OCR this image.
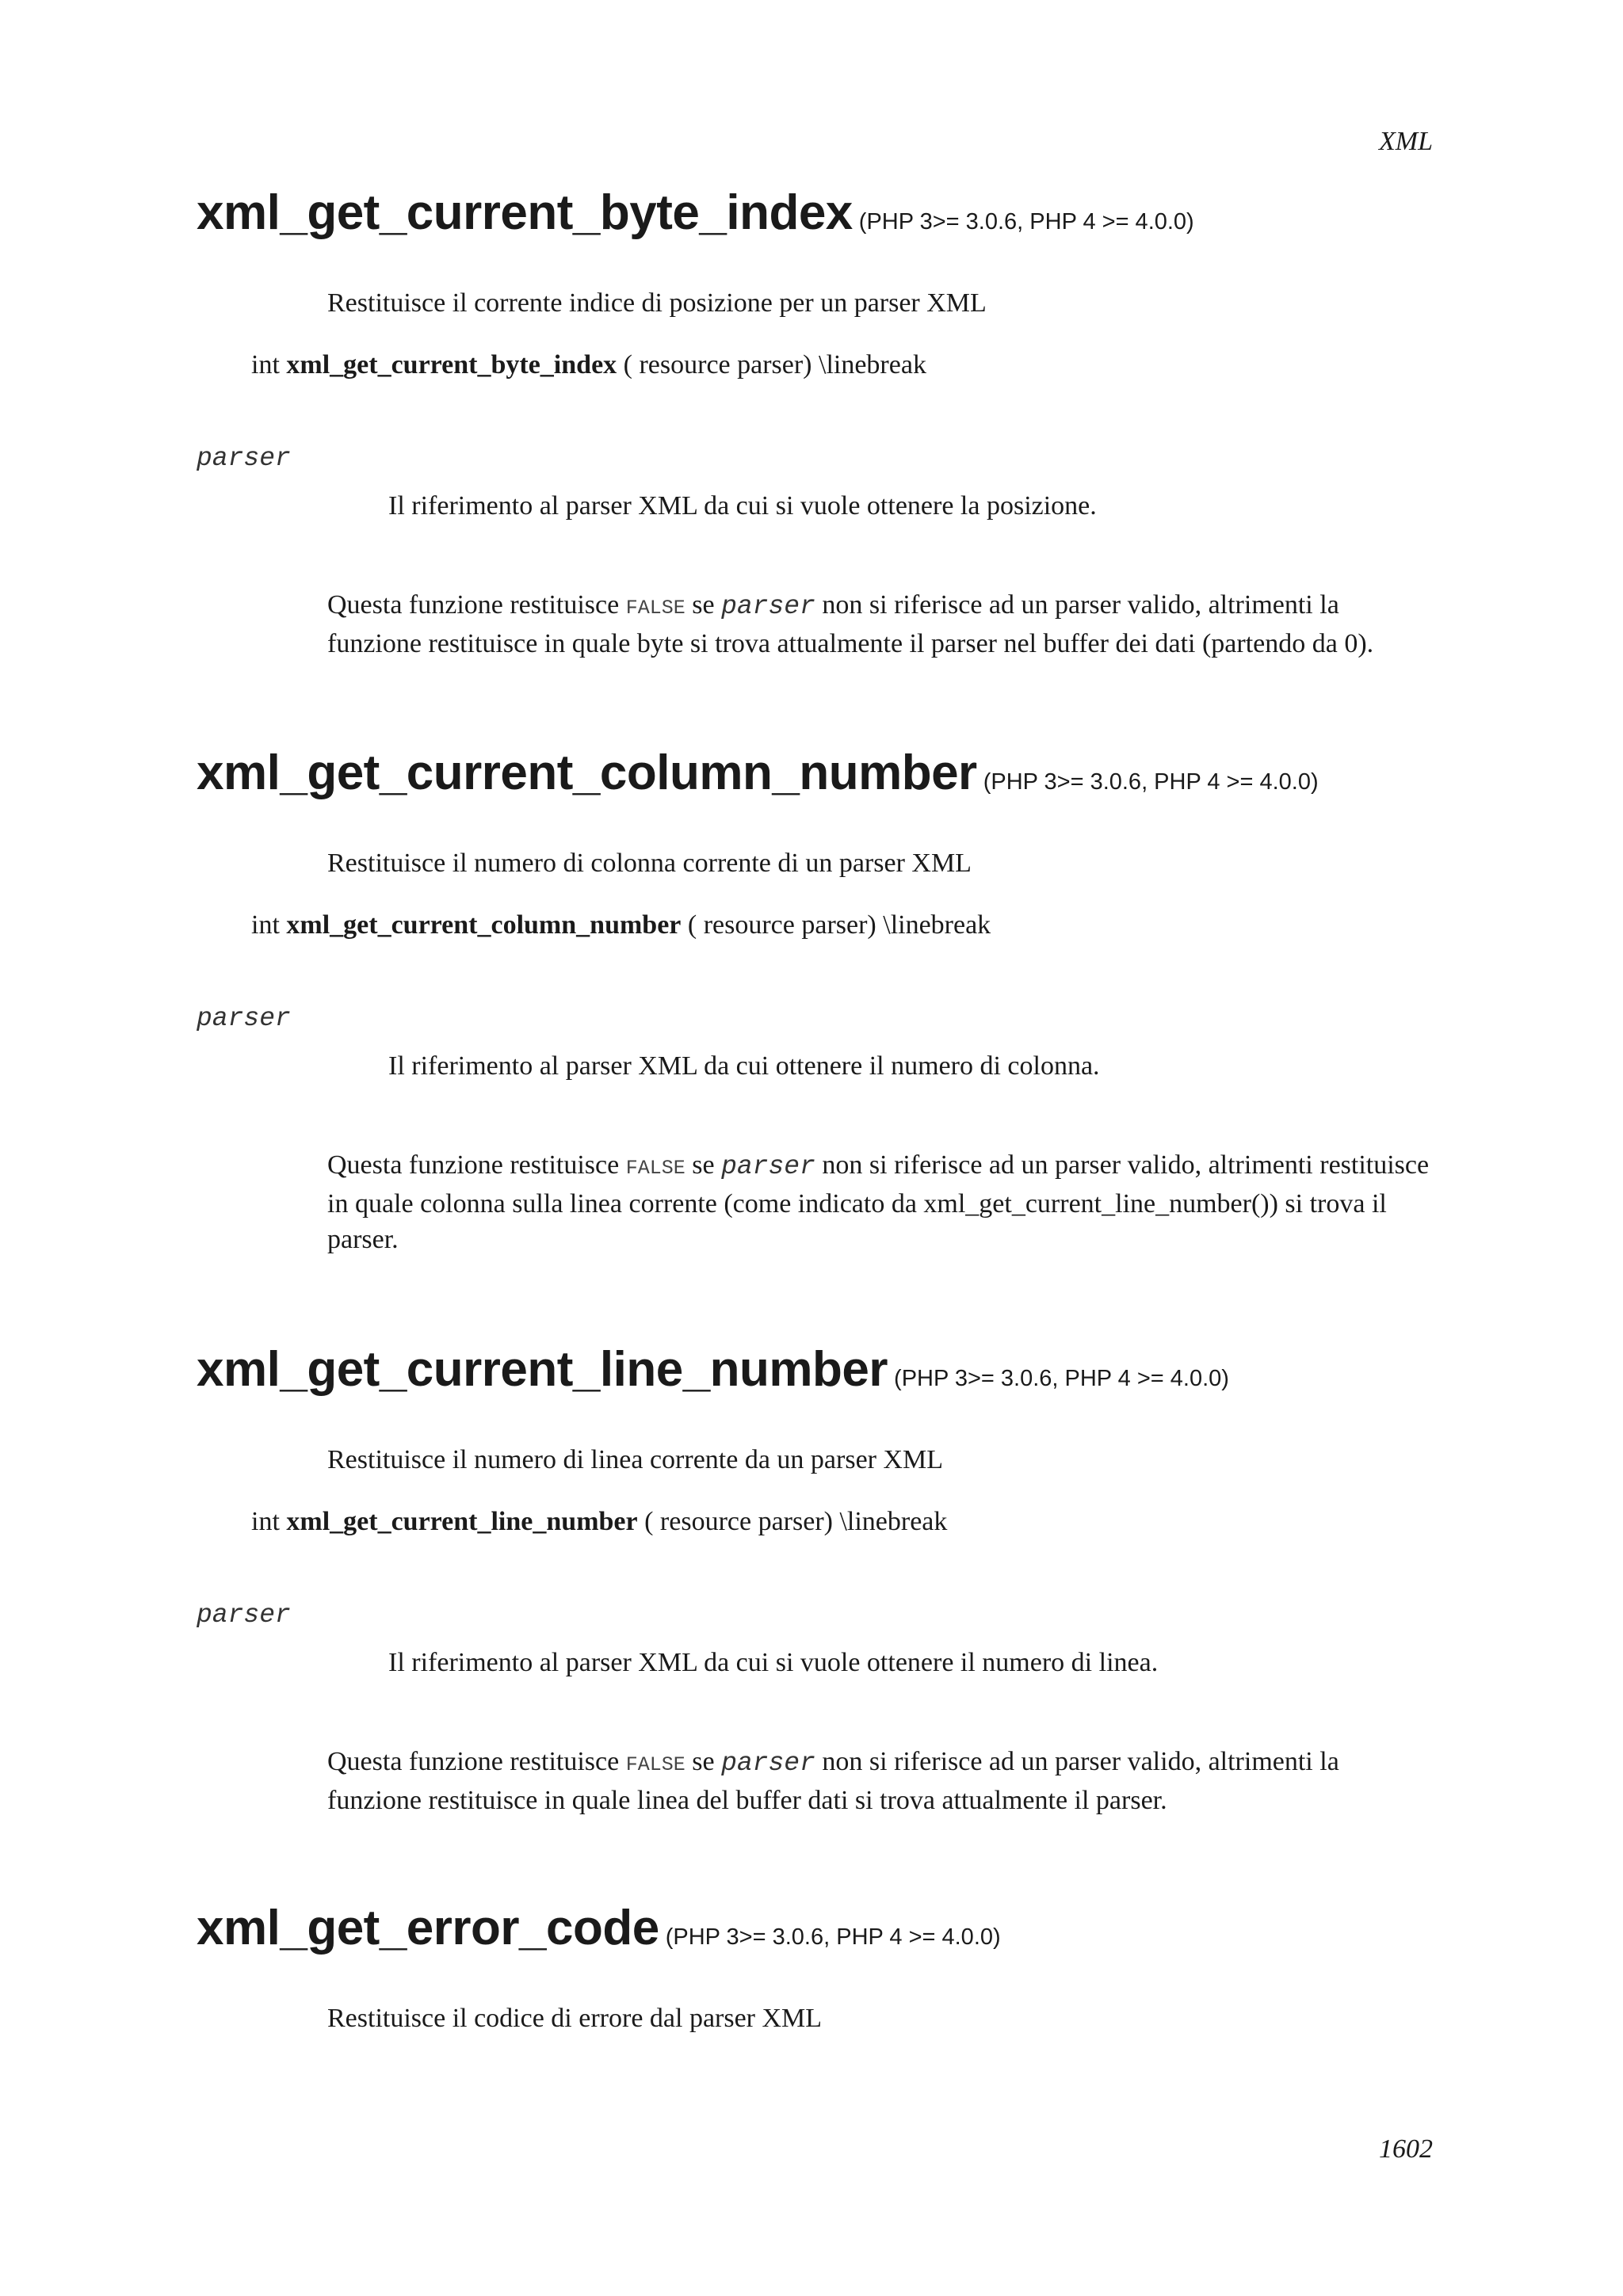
XML
xml_get_current_byte_index (PHP 3>= 3.0.6, PHP 4 >= 4.0.0)
Restituisce il corrente indice di posizione per un parser XML
int xml_get_current_byte_index ( resource parser) \linebreak
parser
Il riferimento al parser XML da cui si vuole ottenere la posizione.
Questa funzione restituisce FALSE se parser non si riferisce ad un parser valido, altrimenti la funzione restituisce in quale byte si trova attualmente il parser nel buffer dei dati (partendo da 0).
xml_get_current_column_number (PHP 3>= 3.0.6, PHP 4 >= 4.0.0)
Restituisce il numero di colonna corrente di un parser XML
int xml_get_current_column_number ( resource parser) \linebreak
parser
Il riferimento al parser XML da cui ottenere il numero di colonna.
Questa funzione restituisce FALSE se parser non si riferisce ad un parser valido, altrimenti restituisce in quale colonna sulla linea corrente (come indicato da xml_get_current_line_number()) si trova il parser.
xml_get_current_line_number (PHP 3>= 3.0.6, PHP 4 >= 4.0.0)
Restituisce il numero di linea corrente da un parser XML
int xml_get_current_line_number ( resource parser) \linebreak
parser
Il riferimento al parser XML da cui si vuole ottenere il numero di linea.
Questa funzione restituisce FALSE se parser non si riferisce ad un parser valido, altrimenti la funzione restituisce in quale linea del buffer dati si trova attualmente il parser.
xml_get_error_code (PHP 3>= 3.0.6, PHP 4 >= 4.0.0)
Restituisce il codice di errore dal parser XML
1602
